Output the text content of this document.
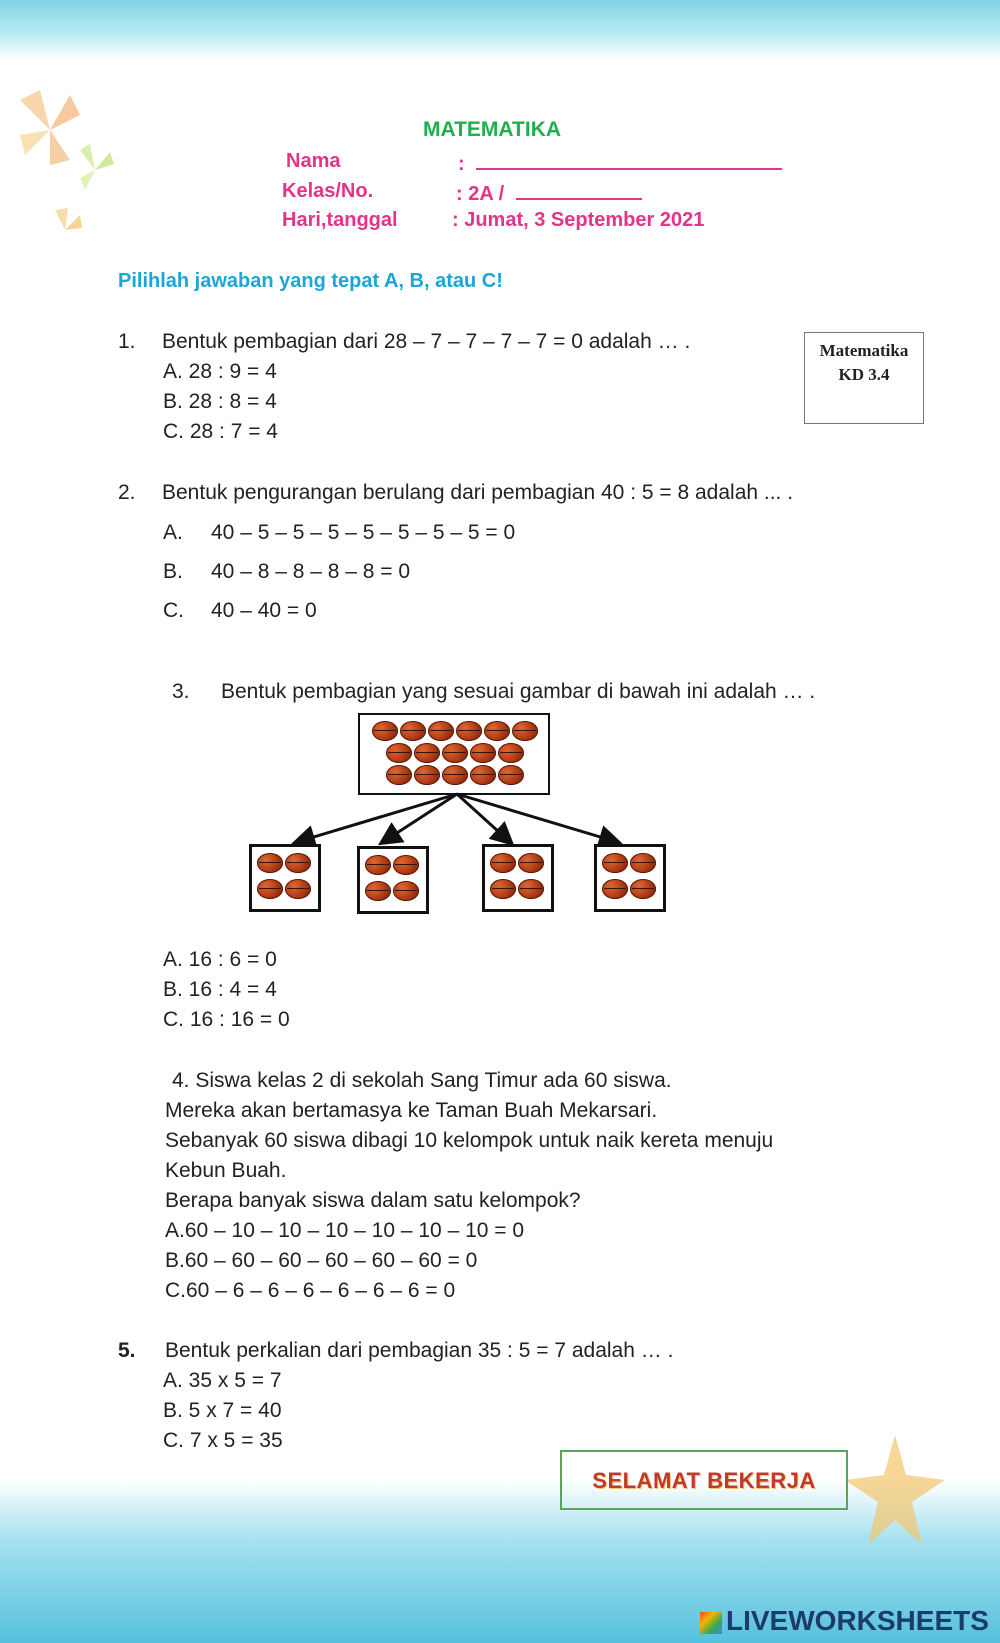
MATEMATIKA
Nama	:
Kelas/No.	: 2A /
Hari,tanggal	: Jumat, 3 September 2021
Pilihlah jawaban yang tepat A, B, atau C!
Matematika
KD 3.4
1. Bentuk pembagian dari 28 – 7 – 7 – 7 – 7 = 0 adalah … .
A. 28 : 9 = 4
B. 28 : 8 = 4
C. 28 : 7 = 4
2. Bentuk pengurangan berulang dari pembagian 40 : 5 = 8 adalah ... .
A. 40 – 5 – 5 – 5 – 5 – 5 – 5 – 5 = 0
B. 40 – 8 – 8 – 8 – 8 = 0
C. 40 – 40 = 0
3. Bentuk pembagian yang sesuai gambar di bawah ini adalah … .
A. 16 : 6 = 0
B. 16 : 4 = 4
C. 16 : 16 = 0
4. Siswa kelas 2 di sekolah Sang Timur ada 60 siswa.
Mereka akan bertamasya ke Taman Buah Mekarsari.
Sebanyak 60 siswa dibagi 10 kelompok untuk naik kereta menuju
Kebun Buah.
Berapa banyak siswa dalam satu kelompok?
A.60 – 10 – 10 – 10 – 10 – 10 – 10 = 0
B.60 – 60 – 60 – 60 – 60 – 60 = 0
C.60 – 6 – 6 – 6 – 6 – 6 – 6 = 0
5. Bentuk perkalian dari pembagian 35 : 5 = 7 adalah … .
A. 35 x 5 = 7
B. 5 x 7 = 40
C. 7 x 5 = 35
SELAMAT BEKERJA
LIVEWORKSHEETS
